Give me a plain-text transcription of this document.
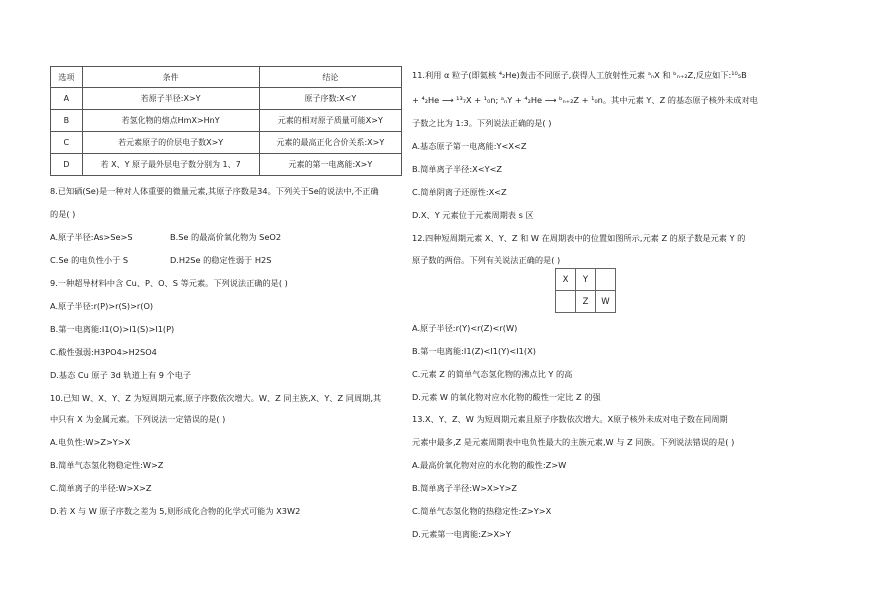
选项	条件	结论
A	若原子半径:X>Y	原子序数:X<Y
B	若氢化物的熔点HmX>HnY	元素的相对原子质量可能X>Y
C	若元素原子的价层电子数X>Y	元素的最高正化合价关系:X>Y
D	若 X、Y 原子最外层电子数分别为 1、7	元素的第一电离能:X>Y
8.已知硒(Se)是一种对人体重要的微量元素,其原子序数是34。下列关于Se的说法中,不正确
的是( )
A.原子半径:As>Se>S	B.Se 的最高价氧化物为 SeO2
C.Se 的电负性小于 S	D.H2Se 的稳定性弱于 H2S
9.一种超导材料中含 Cu、P、O、S 等元素。下列说法正确的是( )
A.原子半径:r(P)>r(S)>r(O)
B.第一电离能:I1(O)>I1(S)>I1(P)
C.酸性强弱:H3PO4>H2SO4
D.基态 Cu 原子 3d 轨道上有 9 个电子
10.已知 W、X、Y、Z 为短周期元素,原子序数依次增大。W、Z 同主族,X、Y、Z 同周期,其
中只有 X 为金属元素。下列说法一定错误的是( )
A.电负性:W>Z>Y>X
B.简单气态氢化物稳定性:W>Z
C.简单离子的半径:W>X>Z
D.若 X 与 W 原子序数之差为 5,则形成化合物的化学式可能为 X3W2
11.利用 α 粒子(即氦核 ⁴₂He)轰击不同原子,获得人工放射性元素 ᵃₙX 和 ᵇₙ₊₂Z,反应如下:¹⁰₅B
+ ⁴₂He ⟶ ¹³₇X + ¹₀n; ᵃₙY + ⁴₂He ⟶ ᵇₙ₊₂Z + ¹₀n。其中元素 Y、Z 的基态原子核外未成对电
子数之比为 1:3。下列说法正确的是( )
A.基态原子第一电离能:Y<X<Z
B.简单离子半径:X<Y<Z
C.简单阴离子还原性:X<Z
D.X、Y 元素位于元素周期表 s 区
12.四种短周期元素 X、Y、Z 和 W 在周期表中的位置如图所示,元素 Z 的原子数是元素 Y 的
原子数的两倍。下列有关说法正确的是( )
X	Y	
	Z	W
A.原子半径:r(Y)<r(Z)<r(W)
B.第一电离能:I1(Z)<I1(Y)<I1(X)
C.元素 Z 的简单气态氢化物的沸点比 Y 的高
D.元素 W 的氧化物对应水化物的酸性一定比 Z 的强
13.X、Y、Z、W 为短周期元素且原子序数依次增大。X原子核外未成对电子数在同周期
元素中最多,Z 是元素周期表中电负性最大的主族元素,W 与 Z 同族。下列说法错误的是( )
A.最高价氧化物对应的水化物的酸性:Z>W
B.简单离子半径:W>X>Y>Z
C.简单气态氢化物的热稳定性:Z>Y>X
D.元素第一电离能:Z>X>Y
